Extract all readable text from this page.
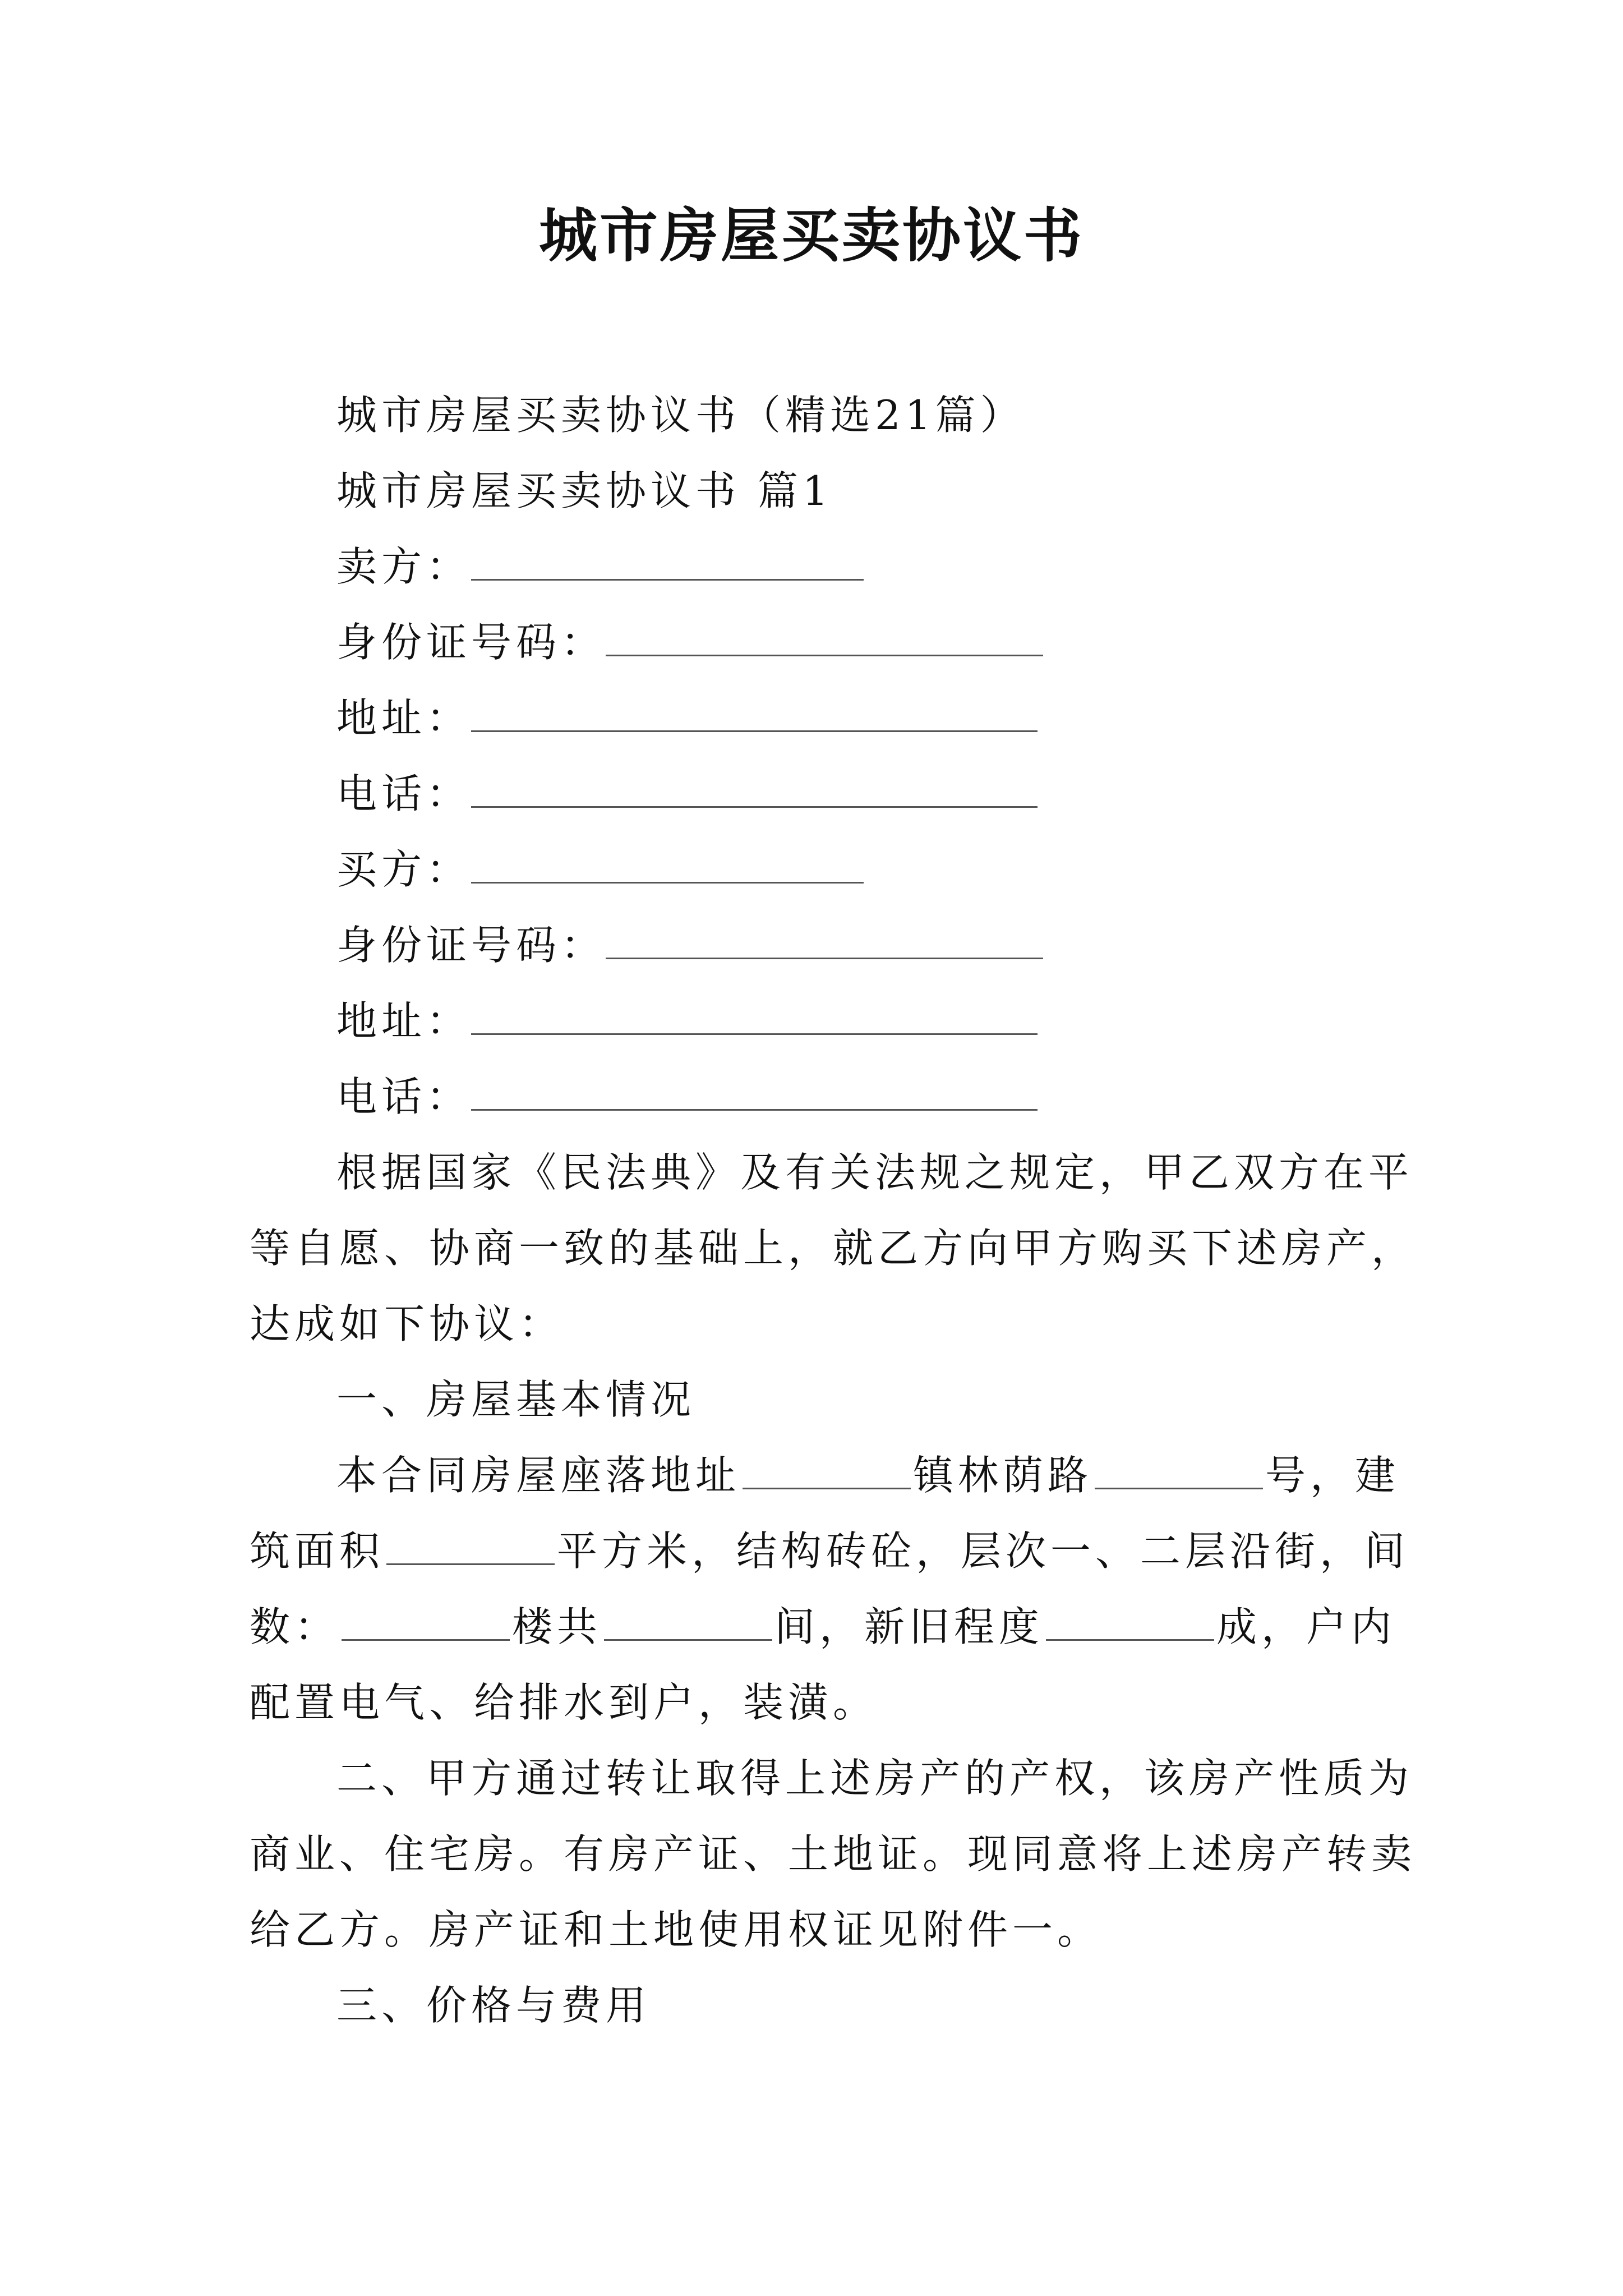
城市房屋买卖协议书
城市房屋买卖协议书（精选21篇）
城市房屋买卖协议书 篇1
卖方：
身份证号码：
地址：
电话：
买方：
身份证号码：
地址：
电话：
根据国家《民法典》及有关法规之规定，甲乙双方在平
等自愿、协商一致的基础上，就乙方向甲方购买下述房产，
达成如下协议：
一、房屋基本情况
本合同房屋座落地址	镇林荫路	号，建
筑面积	平方米，结构砖砼，层次一、二层沿街，间
数：	楼共	间，新旧程度	成，户内
配置电气、给排水到户，装潢。
二、甲方通过转让取得上述房产的产权，该房产性质为
商业、住宅房。有房产证、土地证。现同意将上述房产转卖
给乙方。房产证和土地使用权证见附件一。
三、价格与费用
